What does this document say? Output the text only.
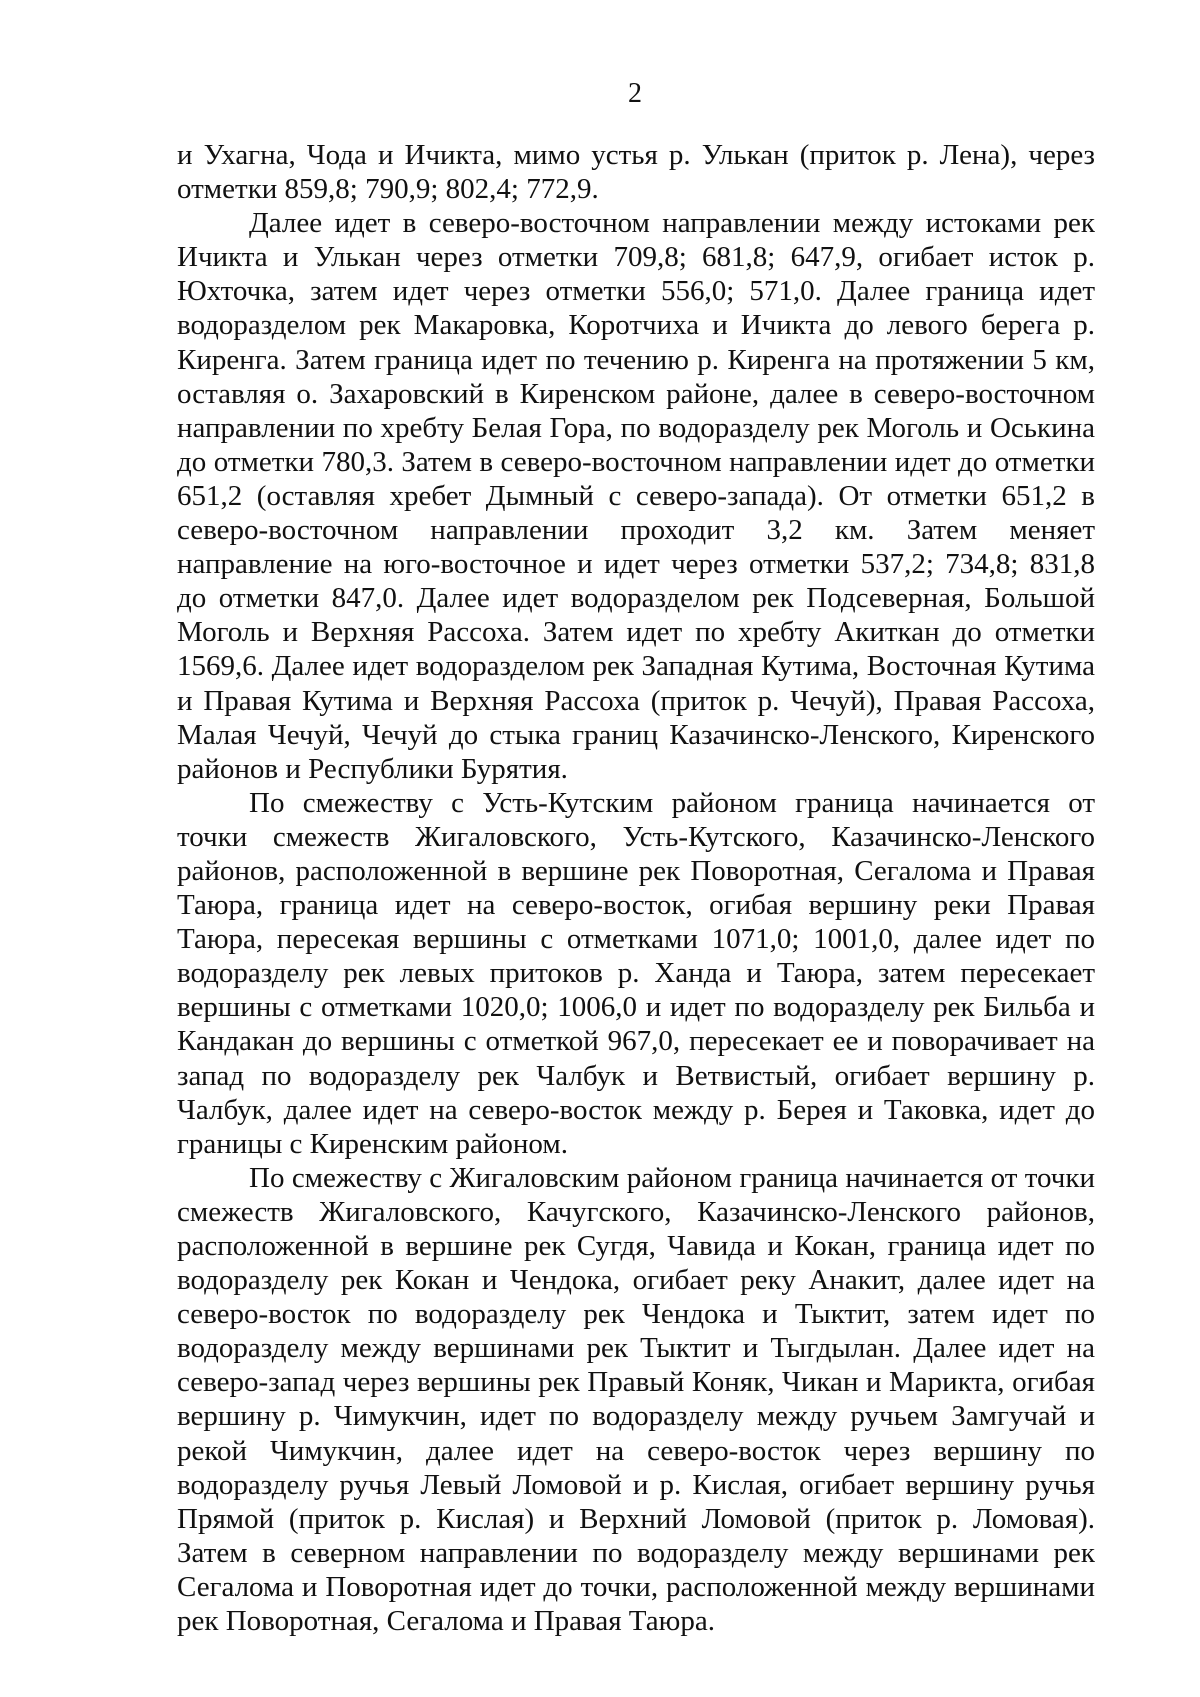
2

и Ухагна, Чода и Ичикта, мимо устья р. Улькан (приток р. Лена), через отметки 859,8; 790,9; 802,4; 772,9.

Далее идет в северо-восточном направлении между истоками рек Ичикта и Улькан через отметки 709,8; 681,8; 647,9, огибает исток р. Юхточка, затем идет через отметки 556,0; 571,0. Далее граница идет водоразделом рек Макаровка, Коротчиха и Ичикта до левого берега р. Киренга. Затем граница идет по течению р. Киренга на протяжении 5 км, оставляя о. Захаровский в Киренском районе, далее в северо-восточном направлении по хребту Белая Гора, по водоразделу рек Моголь и Оськина до отметки 780,3. Затем в северо-восточном направлении идет до отметки 651,2 (оставляя хребет Дымный с северо-запада). От отметки 651,2 в северо-восточном направлении проходит 3,2 км. Затем меняет направление на юго-восточное и идет через отметки 537,2; 734,8; 831,8 до отметки 847,0. Далее идет водоразделом рек Подсеверная, Большой Моголь и Верхняя Рассоха. Затем идет по хребту Акиткан до отметки 1569,6. Далее идет водоразделом рек Западная Кутима, Восточная Кутима и Правая Кутима и Верхняя Рассоха (приток р. Чечуй), Правая Рассоха, Малая Чечуй, Чечуй до стыка границ Казачинско-Ленского, Киренского районов и Республики Бурятия.

По смежеству с Усть-Кутским районом граница начинается от точки смежеств Жигаловского, Усть-Кутского, Казачинско-Ленского районов, расположенной в вершине рек Поворотная, Сегалома и Правая Таюра, граница идет на северо-восток, огибая вершину реки Правая Таюра, пересекая вершины с отметками 1071,0; 1001,0, далее идет по водоразделу рек левых притоков р. Ханда и Таюра, затем пересекает вершины с отметками 1020,0; 1006,0 и идет по водоразделу рек Бильба и Кандакан до вершины с отметкой 967,0, пересекает ее и поворачивает на запад по водоразделу рек Чалбук и Ветвистый, огибает вершину р. Чалбук, далее идет на северо-восток между р. Берея и Таковка, идет до границы с Киренским районом.

По смежеству с Жигаловским районом граница начинается от точки смежеств Жигаловского, Качугского, Казачинско-Ленского районов, расположенной в вершине рек Сугдя, Чавида и Кокан, граница идет по водоразделу рек Кокан и Чендока, огибает реку Анакит, далее идет на северо-восток по водоразделу рек Чендока и Тыктит, затем идет по водоразделу между вершинами рек Тыктит и Тыгдылан. Далее идет на северо-запад через вершины рек Правый Коняк, Чикан и Марикта, огибая вершину р. Чимукчин, идет по водоразделу между ручьем Замгучай и рекой Чимукчин, далее идет на северо-восток через вершину по водоразделу ручья Левый Ломовой и р. Кислая, огибает вершину ручья Прямой (приток р. Кислая) и Верхний Ломовой (приток р. Ломовая). Затем в северном направлении по водоразделу между вершинами рек Сегалома и Поворотная идет до точки, расположенной между вершинами рек Поворотная, Сегалома и Правая Таюра.
